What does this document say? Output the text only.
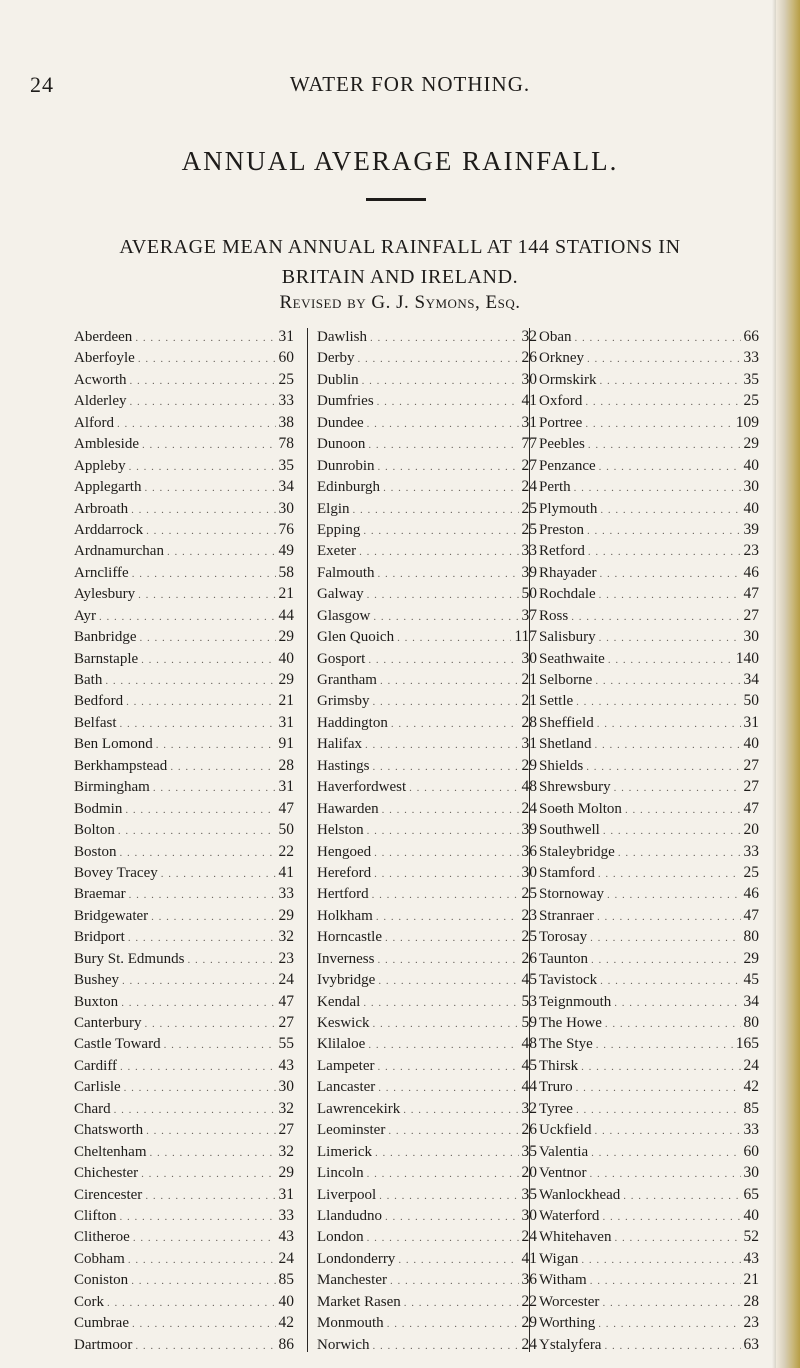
24	WATER FOR NOTHING.
ANNUAL AVERAGE RAINFALL.
AVERAGE MEAN ANNUAL RAINFALL AT 144 STATIONS IN
BRITAIN AND IRELAND.
Revised by G. J. Symons, Esq.
Aberdeen . . .	31
Aberfoyle . . .	60
Acworth . . .	25
Alderley . . .	33
Alford . . .	38
Ambleside . . .	78
Appleby . . .	35
Applegarth . . .	34
Arbroath . . .	30
Arddarrock . . .	76
Ardnamurchan . . .	49
Arncliffe . . .	58
Aylesbury . . .	21
Ayr . . .	44
Banbridge . . .	29
Barnstaple . . .	40
Bath . . .	29
Bedford . . .	21
Belfast . . .	31
Ben Lomond . . .	91
Berkhampstead . . .	28
Birmingham . . .	31
Bodmin . . .	47
Bolton . . .	50
Boston . . .	22
Bovey Tracey . . .	41
Braemar . . .	33
Bridgewater . . .	29
Bridport . . .	32
Bury St. Edmunds . . .	23
Bushey . . .	24
Buxton . . .	47
Canterbury . . .	27
Castle Toward . . .	55
Cardiff . . .	43
Carlisle . . .	30
Chard . . .	32
Chatsworth . . .	27
Cheltenham . . .	32
Chichester . . .	29
Cirencester . . .	31
Clifton . . .	33
Clitheroe . . .	43
Cobham . . .	24
Coniston . . .	85
Cork . . .	40
Cumbrae . . .	42
Dartmoor . . .	86
Dawlish . . .	32
Derby . . .	26
Dublin . . .	30
Dumfries . . .	41
Dundee . . .	31
Dunoon . . .	77
Dunrobin . . .	27
Edinburgh . . .	24
Elgin . . .	25
Epping . . .	25
Exeter . . .	33
Falmouth . . .	39
Galway . . .	50
Glasgow . . .	37
Glen Quoich . . .	117
Gosport . . .	30
Grantham . . .	21
Grimsby . . .	21
Haddington . . .	28
Halifax . . .	31
Hastings . . .	29
Haverfordwest . . .	48
Hawarden . . .	24
Helston . . .	39
Hengoed . . .	36
Hereford . . .	30
Hertford . . .	25
Holkham . . .	23
Horncastle . . .	25
Inverness . . .	26
Ivybridge . . .	45
Kendal . . .	53
Keswick . . .	59
Klilaloe . . .	48
Lampeter . . .	45
Lancaster . . .	44
Lawrencekirk . . .	32
Leominster . . .	26
Limerick . . .	35
Lincoln . . .	20
Liverpool . . .	35
Llandudno . . .	30
London . . .	24
Londonderry . . .	41
Manchester . . .	36
Market Rasen . . .	22
Monmouth . . .	29
Norwich . . .	24
Oban . . .	66
Orkney . . .	33
Ormskirk . . .	35
Oxford . . .	25
Portree . . .	109
Peebles . . .	29
Penzance . . .	40
Perth . . .	30
Plymouth . . .	40
Preston . . .	39
Retford . . .	23
Rhayader . . .	46
Rochdale . . .	47
Ross . . .	27
Salisbury . . .	30
Seathwaite . . .	140
Selborne . . .	34
Settle . . .	50
Sheffield . . .	31
Shetland . . .	40
Shields . . .	27
Shrewsbury . . .	27
Soѳth Molton . . .	47
Southwell . . .	20
Staleybridge . . .	33
Stamford . . .	25
Stornoway . . .	46
Stranraer . . .	47
Torosay . . .	80
Taunton . . .	29
Tavistock . . .	45
Teignmouth . . .	34
The Howe . . .	80
The Stye . . .	165
Thirsk . . .	24
Truro . . .	42
Tyree . . .	85
Uckfield . . .	33
Valentia . . .	60
Ventnor . . .	30
Wanlockhead . . .	65
Waterford . . .	40
Whitehaven . . .	52
Wigan . . .	43
Witham . . .	21
Worcester . . .	28
Worthing . . .	23
Ystalyfera . . .	63
